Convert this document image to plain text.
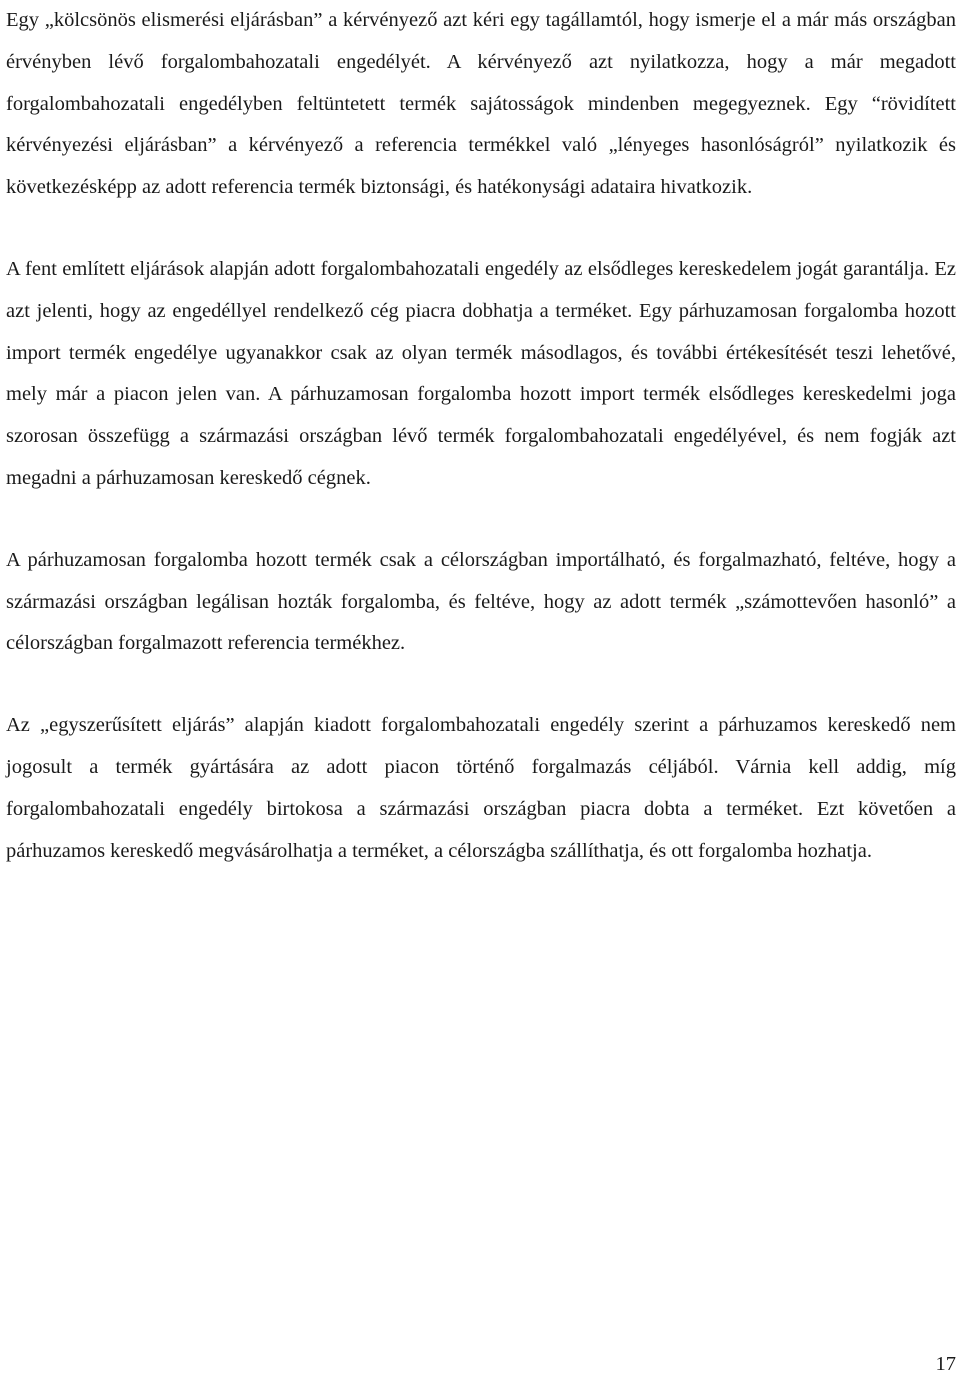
Egy „kölcsönös elismerési eljárásban” a kérvényező azt kéri egy tagállamtól, hogy ismerje el a már más országban érvényben lévő forgalombahozatali engedélyét. A kérvényező azt nyilatkozza, hogy a már megadott forgalombahozatali engedélyben feltüntetett termék sajátosságok mindenben megegyeznek. Egy “rövidített kérvényezési eljárásban” a kérvényező a referencia termékkel való „lényeges hasonlóságról” nyilatkozik és következésképp az adott referencia termék biztonsági, és hatékonysági adataira hivatkozik.

A fent említett eljárások alapján adott forgalombahozatali engedély az elsődleges kereskedelem jogát garantálja. Ez azt jelenti, hogy az engedéllyel rendelkező cég piacra dobhatja a terméket. Egy párhuzamosan forgalomba hozott import termék engedélye ugyanakkor csak az olyan termék másodlagos, és további értékesítését teszi lehetővé, mely már a piacon jelen van. A párhuzamosan forgalomba hozott import termék elsődleges kereskedelmi joga szorosan összefügg a származási országban lévő termék forgalombahozatali engedélyével, és nem fogják azt megadni a párhuzamosan kereskedő cégnek.

A párhuzamosan forgalomba hozott termék csak a célországban importálható, és forgalmazható, feltéve, hogy a származási országban legálisan hozták forgalomba, és feltéve, hogy az adott termék „számottevően hasonló” a célországban forgalmazott referencia termékhez.

Az „egyszerűsített eljárás” alapján kiadott forgalombahozatali engedély szerint a párhuzamos kereskedő nem jogosult a termék gyártására az adott piacon történő forgalmazás céljából. Várnia kell addig, míg forgalombahozatali engedély birtokosa a származási országban piacra dobta a terméket. Ezt követően a párhuzamos kereskedő megvásárolhatja a terméket, a célországba szállíthatja, és ott forgalomba hozhatja.

17
